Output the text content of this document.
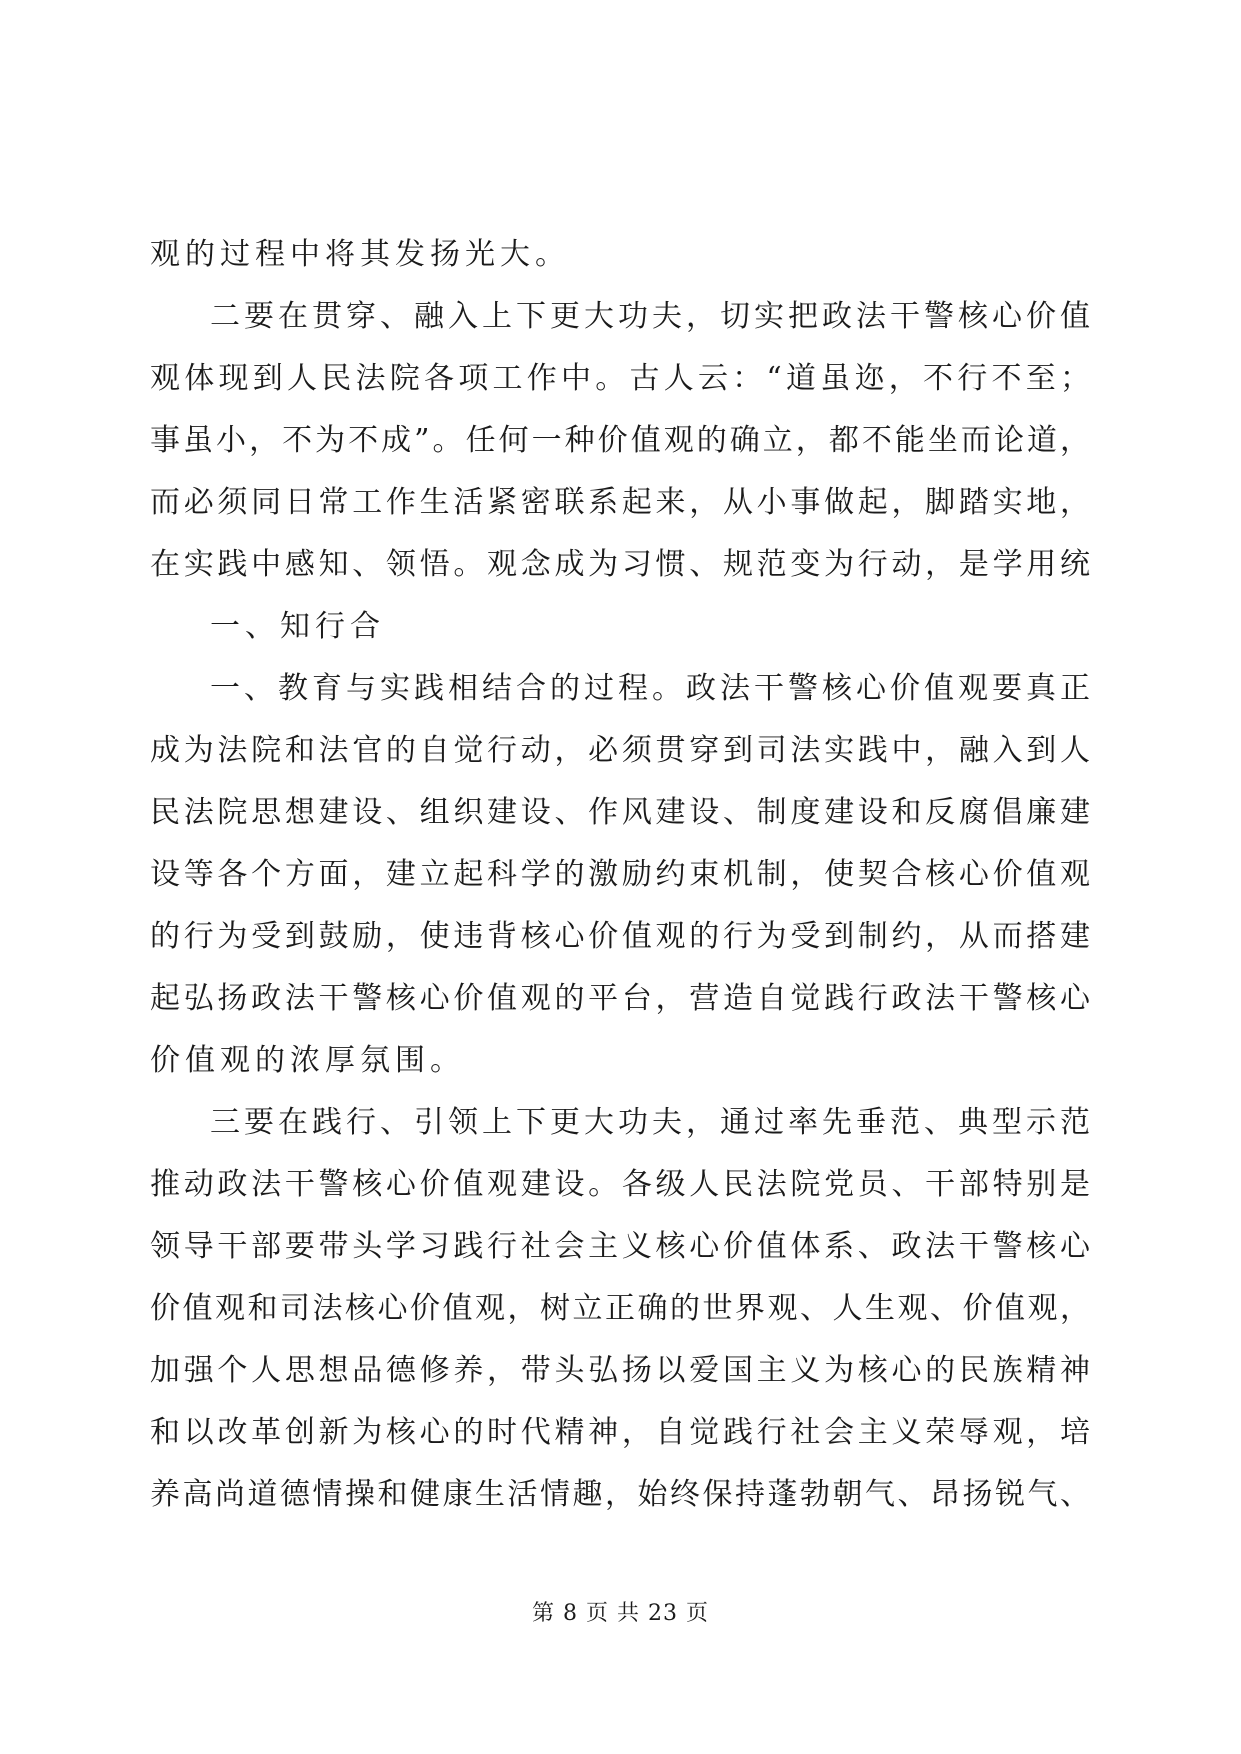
观的过程中将其发扬光大。
二要在贯穿、融入上下更大功夫，切实把政法干警核心价值
观体现到人民法院各项工作中。古人云：“道虽迩，不行不至；
事虽小，不为不成”。任何一种价值观的确立，都不能坐而论道，
而必须同日常工作生活紧密联系起来，从小事做起，脚踏实地，
在实践中感知、领悟。观念成为习惯、规范变为行动，是学用统
一、知行合
一、教育与实践相结合的过程。政法干警核心价值观要真正
成为法院和法官的自觉行动，必须贯穿到司法实践中，融入到人
民法院思想建设、组织建设、作风建设、制度建设和反腐倡廉建
设等各个方面，建立起科学的激励约束机制，使契合核心价值观
的行为受到鼓励，使违背核心价值观的行为受到制约，从而搭建
起弘扬政法干警核心价值观的平台，营造自觉践行政法干警核心
价值观的浓厚氛围。
三要在践行、引领上下更大功夫，通过率先垂范、典型示范
推动政法干警核心价值观建设。各级人民法院党员、干部特别是
领导干部要带头学习践行社会主义核心价值体系、政法干警核心
价值观和司法核心价值观，树立正确的世界观、人生观、价值观，
加强个人思想品德修养，带头弘扬以爱国主义为核心的民族精神
和以改革创新为核心的时代精神，自觉践行社会主义荣辱观，培
养高尚道德情操和健康生活情趣，始终保持蓬勃朝气、昂扬锐气、
第 8 页 共 23 页
